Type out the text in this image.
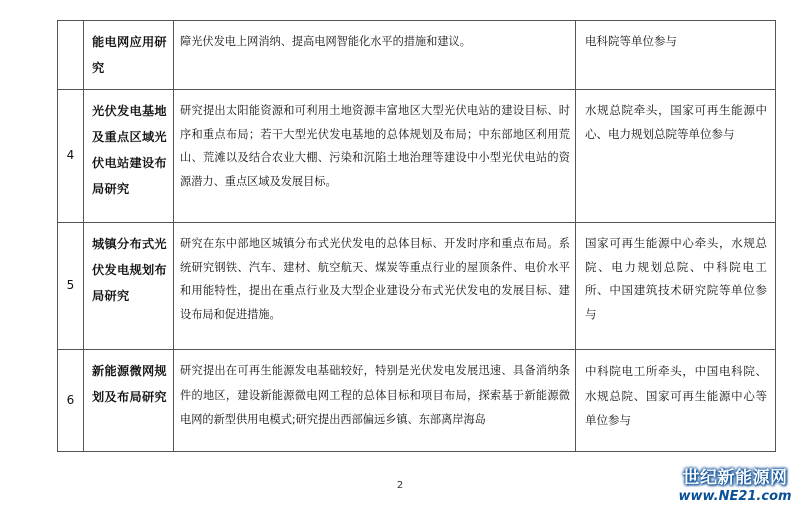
	能电网应用研究	障光伏发电上网消纳、提高电网智能化水平的措施和建议。	电科院等单位参与
4	光伏发电基地及重点区域光伏电站建设布局研究	研究提出太阳能资源和可利用土地资源丰富地区大型光伏电站的建设目标、时序和重点布局；若干大型光伏发电基地的总体规划及布局；中东部地区利用荒山、荒滩以及结合农业大棚、污染和沉陷土地治理等建设中小型光伏电站的资源潜力、重点区域及发展目标。	水规总院牵头，国家可再生能源中心、电力规划总院等单位参与
5	城镇分布式光伏发电规划布局研究	研究在东中部地区城镇分布式光伏发电的总体目标、开发时序和重点布局。系统研究钢铁、汽车、建材、航空航天、煤炭等重点行业的屋顶条件、电价水平和用能特性，提出在重点行业及大型企业建设分布式光伏发电的发展目标、建设布局和促进措施。	国家可再生能源中心牵头，水规总院、电力规划总院、中科院电工所、中国建筑技术研究院等单位参与
6	新能源微网规划及布局研究	研究提出在可再生能源发电基础较好，特别是光伏发电发展迅速、具备消纳条件的地区，建设新能源微电网工程的总体目标和项目布局，探索基于新能源微电网的新型供用电模式;研究提出西部偏远乡镇、东部离岸海岛	中科院电工所牵头，中国电科院、水规总院、国家可再生能源中心等单位参与
2	世纪新能源网
www.NE21.com
